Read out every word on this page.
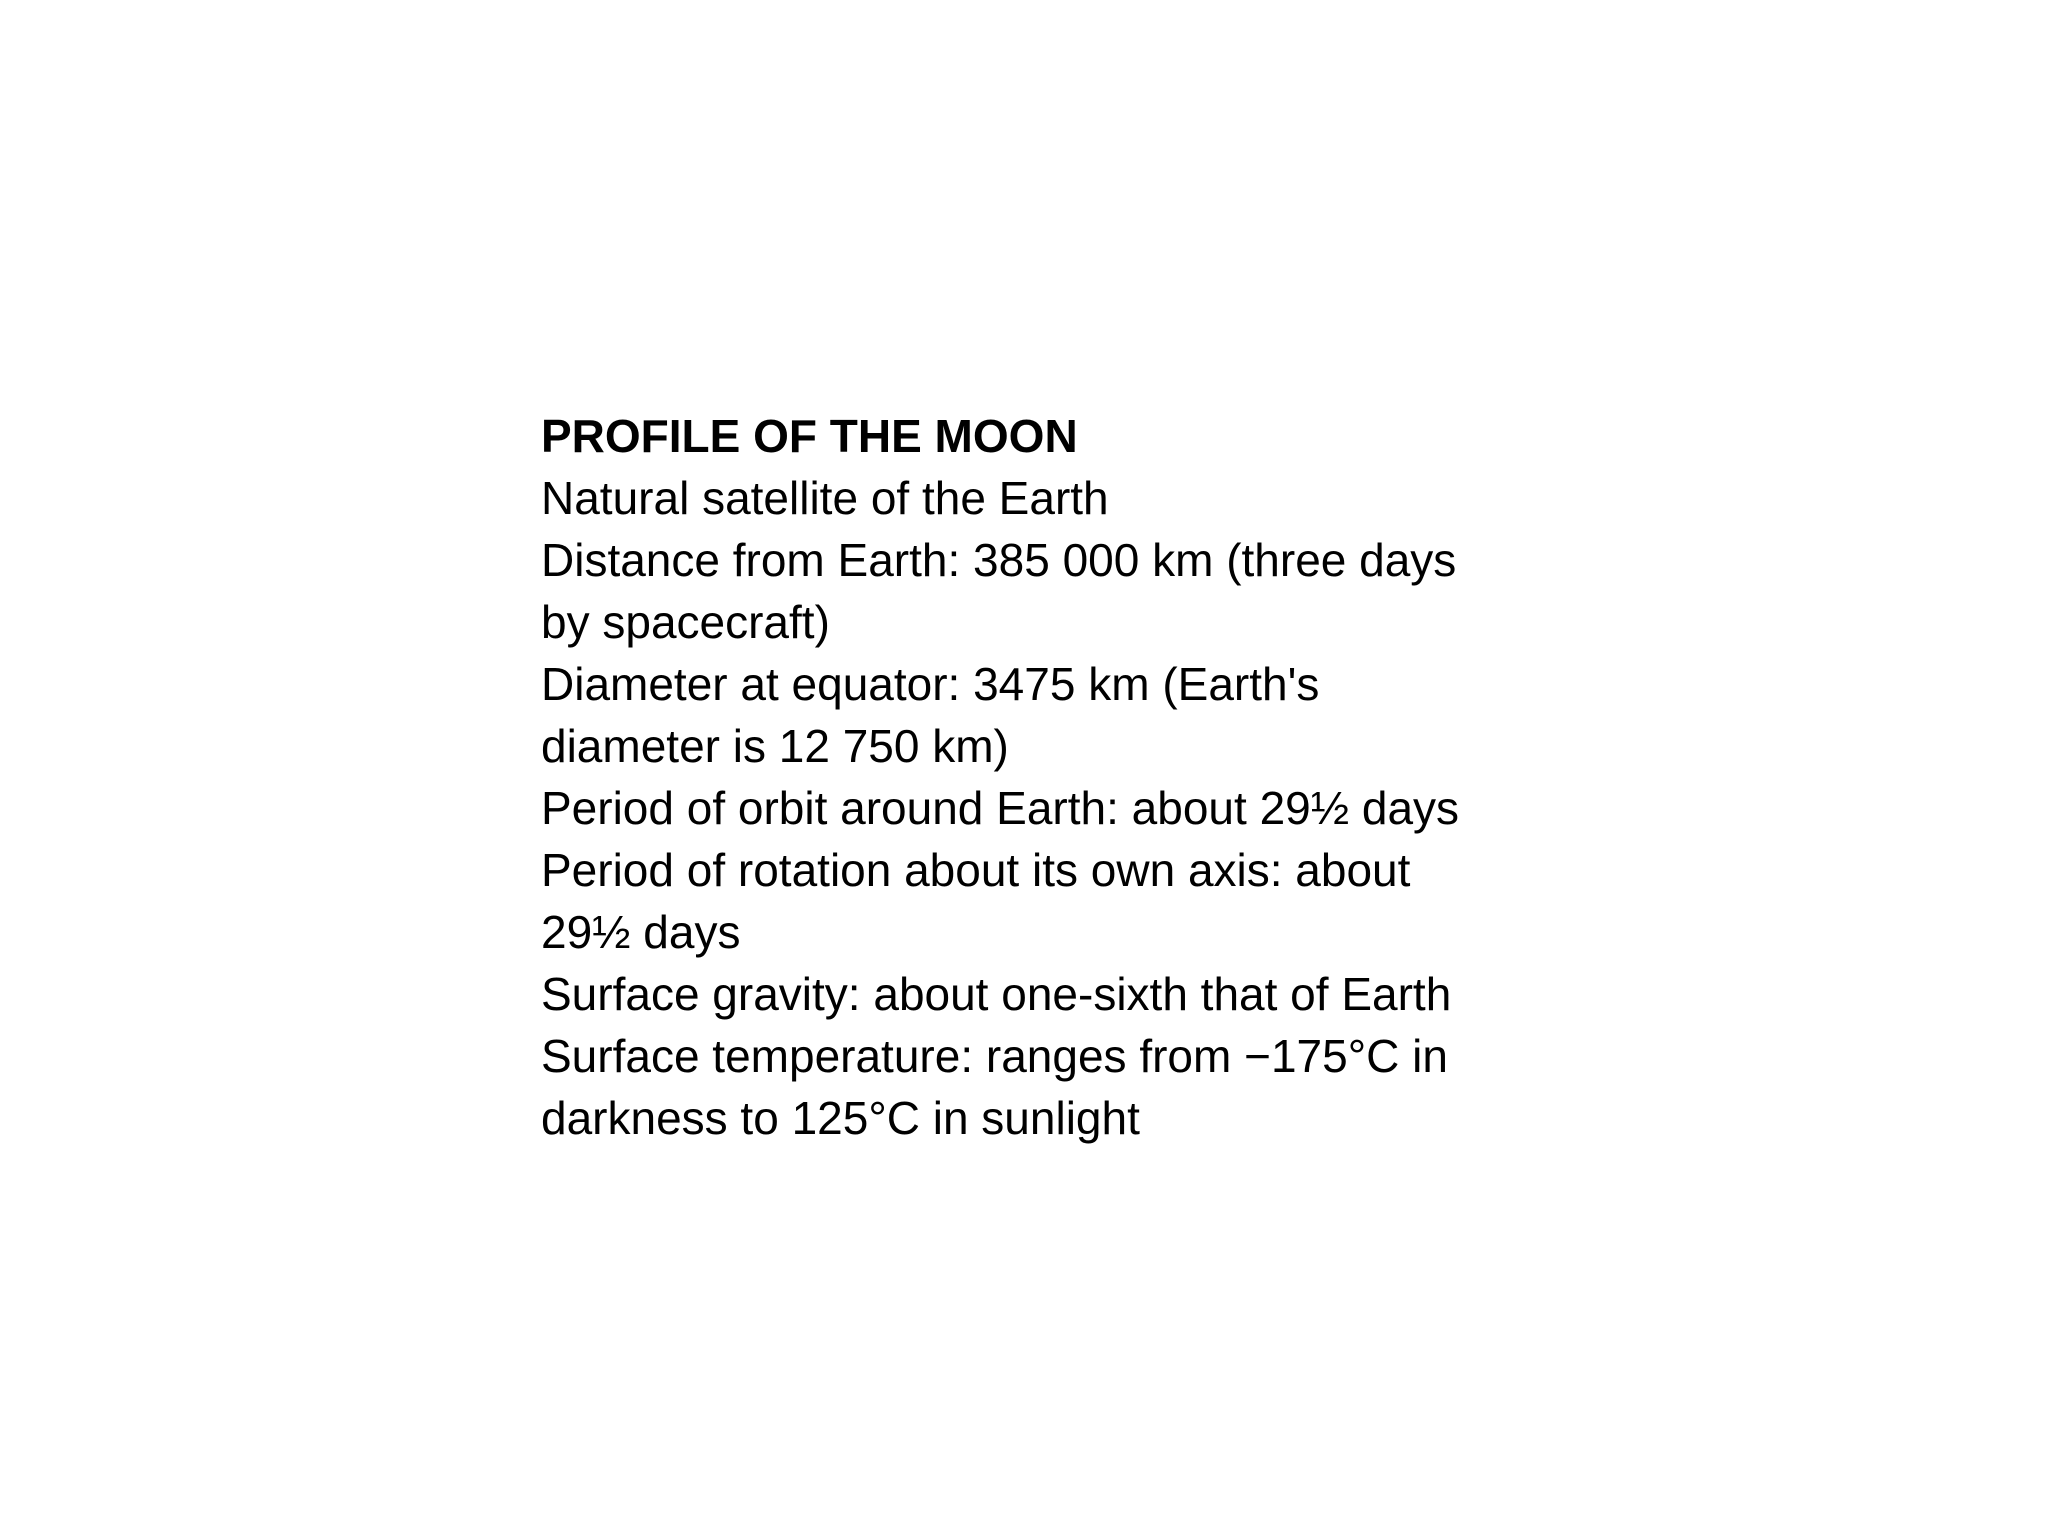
PROFILE OF THE MOON
Natural satellite of the Earth
Distance from Earth: 385 000 km (three days
by spacecraft)
Diameter at equator: 3475 km (Earth's
diameter is 12 750 km)
Period of orbit around Earth: about 29½ days
Period of rotation about its own axis: about
29½ days
Surface gravity: about one-sixth that of Earth
Surface temperature: ranges from −175°C in
darkness to 125°C in sunlight
